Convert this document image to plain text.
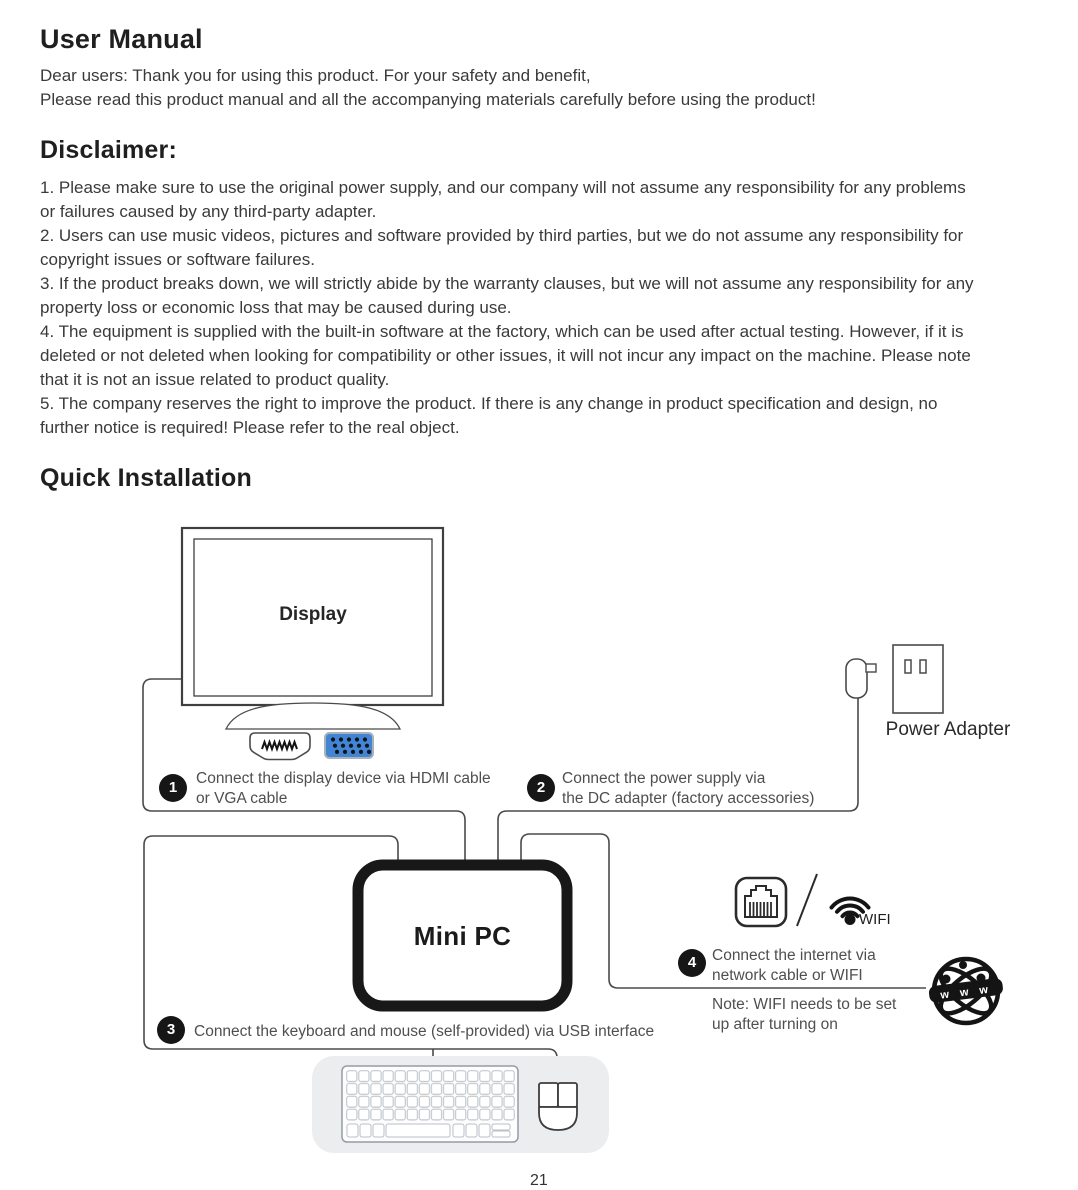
User Manual

Dear users: Thank you for using this product. For your safety and benefit,

Please read this product manual and all the accompanying materials carefully before using the product!

Disclaimer:

1. Please make sure to use the original power supply, and our company will not assume any responsibility for any problems or failures caused by any third-party adapter.

2. Users can use music videos, pictures and software provided by third parties, but we do not assume any responsibility for copyright issues or software failures.

3. If the product breaks down, we will strictly abide by the warranty clauses, but we will not assume any responsibility for any property loss or economic loss that may be caused during use.

4. The equipment is supplied with the built-in software at the factory, which can be used after actual testing. However, if it is deleted or not deleted when looking for compatibility or other issues, it will not incur any impact on the machine. Please note that it is not an issue related to product quality.

5. The company reserves the right to improve the product. If there is any change in product specification and design, no further notice is required! Please refer to the real object.

Quick Installation
w w w
Display
1
Connect the display device via HDMI cable
or VGA cable
2
Connect the power supply via
the DC adapter (factory accessories)
Power Adapter
Mini PC
WIFI
4	Connect the internet via
network cable or WIFI
Note: WIFI needs to be set
up after turning on
3	Connect the keyboard and mouse (self-provided) via USB interface
21
